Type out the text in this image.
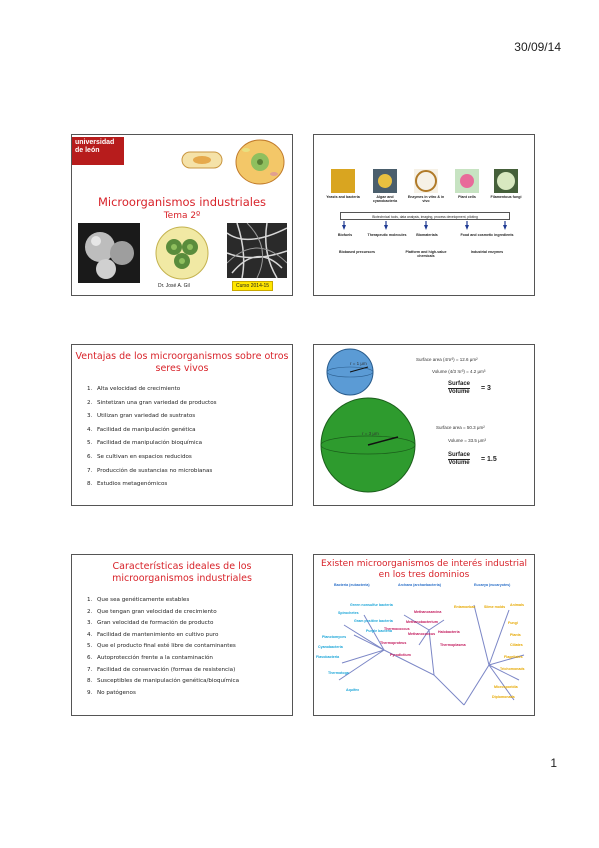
30/09/14
universidad de león
Microorganismos industriales
Tema 2º
Dr. José A. Gil	Curso 2014-15
Yeasts and bacteria	Algae and cyanobacteria
Enzymes in vitro & in vivo
Plant cells	Filamentous fungi
Biotechnical tools, data analysis, imaging, process development, piloting
Biofuels	Therapeutic molecules	Biomaterials	Food and cosmetic ingredients
Biobased precursors	Platform and high-value chemicals
Industrial enzymes
Ventajas de los microorganismos sobre otros seres vivos
1. Alta velocidad de crecimiento
2. Sintetizan una gran variedad de productos
3. Utilizan gran variedad de sustratos
4. Facilidad de manipulación genética
5. Facilidad de manipulación bioquímica
6. Se cultivan en espacios reducidos
7. Producción de sustancias no microbianas
8. Estudios metagenómicos
r = 1 μm
Surface area (4πr²) = 12.6 μm²
Volume (4/3 πr³) = 4.2 μm³
Surface
Volume = 3
r = 3 μm
Surface area = 50.3 μm²
Volume = 33.5 μm³
Surface
Volume = 1.5
Características ideales de los microorganismos industriales
1. Que sea genéticamente estables
2. Que tengan gran velocidad de crecimiento
3. Gran velocidad de formación de producto
4. Facilidad de mantenimiento en cultivo puro
5. Que el producto final esté libre de contaminantes
6. Autoprotección frente a la contaminación
7. Facilidad de conservación (formas de resistencia)
8. Susceptibles de manipulación genética/bioquímica
9. No patógenos
Existen microorganismos de interés industrial en los tres dominios
Bacteria (eubacteria)	Archaea (archaebacteria)	Eucarya (eucaryotes)
Green nonsulfur bacteria
Gram positive bacteria
Purple bacteria
Cyanobacteria
Flavobacteria
Thermotoga
Aquifex
Planctomyces
Spirochetes	Methanosarcina
Methanobacterium
Methanococcus Halobacteria
Thermococcus
Thermoproteus
Pyrodictium
Thermoplasma
Entamoebae Slime molds Animals
Fungi
Plants
Ciliates
Flagellates
Trichomonads
Microsporidia
Diplomonads
1
